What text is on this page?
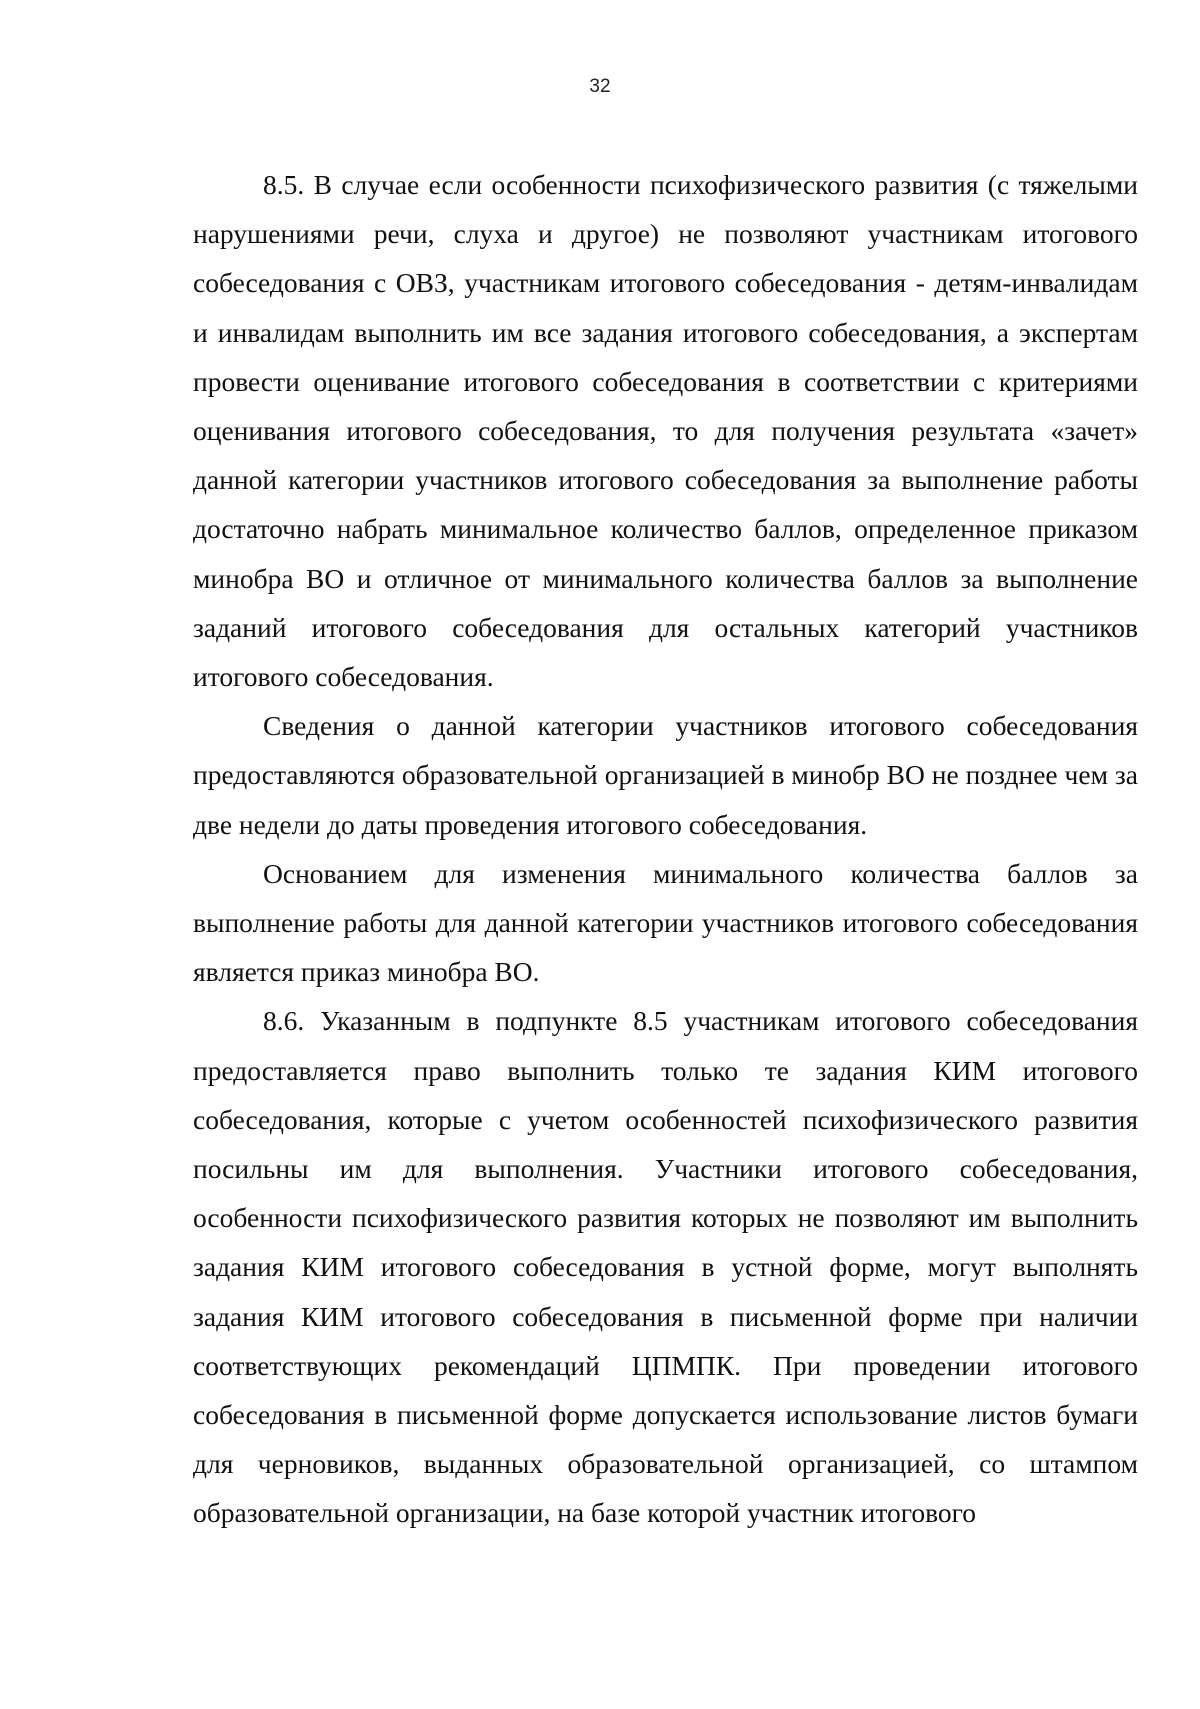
32

8.5. В случае если особенности психофизического развития (с тяжелыми нарушениями речи, слуха и другое) не позволяют участникам итогового собеседования с ОВЗ, участникам итогового собеседования - детям-инвалидам и инвалидам выполнить им все задания итогового собеседования, а экспертам провести оценивание итогового собеседования в соответствии с критериями оценивания итогового собеседования, то для получения результата «зачет» данной категории участников итогового собеседования за выполнение работы достаточно набрать минимальное количество баллов, определенное приказом минобра ВО и отличное от минимального количества баллов за выполнение заданий итогового собеседования для остальных категорий участников итогового собеседования.

Сведения о данной категории участников итогового собеседования предоставляются образовательной организацией в минобр ВО не позднее чем за две недели до даты проведения итогового собеседования.

Основанием для изменения минимального количества баллов за выполнение работы для данной категории участников итогового собеседования является приказ минобра ВО.

8.6. Указанным в подпункте 8.5 участникам итогового собеседования предоставляется право выполнить только те задания КИМ итогового собеседования, которые с учетом особенностей психофизического развития посильны им для выполнения. Участники итогового собеседования, особенности психофизического развития которых не позволяют им выполнить задания КИМ итогового собеседования в устной форме, могут выполнять задания КИМ итогового собеседования в письменной форме при наличии соответствующих рекомендаций ЦПМПК. При проведении итогового собеседования в письменной форме допускается использование листов бумаги для черновиков, выданных образовательной организацией, со штампом образовательной организации, на базе которой участник итогового
